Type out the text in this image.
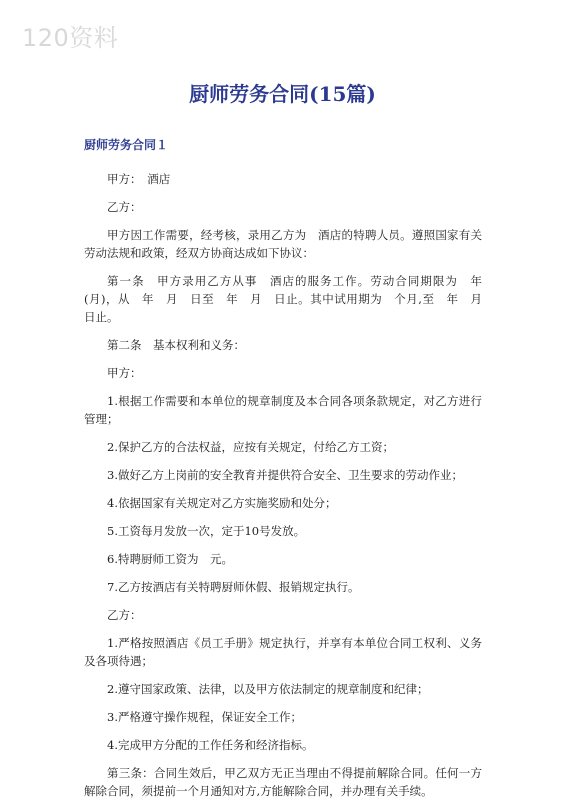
120资料
厨师劳务合同(15篇)
厨师劳务合同１

甲方：　酒店

乙方：

甲方因工作需要，经考核，录用乙方为　酒店的特聘人员。遵照国家有关劳动法规和政策，经双方协商达成如下协议：

第一条　甲方录用乙方从事　酒店的服务工作。劳动合同期限为　年(月)，从　年　月　日至　年　月　日止。其中试用期为　个月,至　年　月　日止。

第二条　基本权利和义务：

甲方：

1.根据工作需要和本单位的规章制度及本合同各项条款规定，对乙方进行管理；

2.保护乙方的合法权益，应按有关规定，付给乙方工资；

3.做好乙方上岗前的安全教育并提供符合安全、卫生要求的劳动作业；

4.依据国家有关规定对乙方实施奖励和处分；

5.工资每月发放一次，定于10号发放。

6.特聘厨师工资为　元。

7.乙方按酒店有关特聘厨师休假、报销规定执行。

乙方：

1.严格按照酒店《员工手册》规定执行，并享有本单位合同工权利、义务及各项待遇；

2.遵守国家政策、法律，以及甲方依法制定的规章制度和纪律；

3.严格遵守操作规程，保证安全工作；

4.完成甲方分配的工作任务和经济指标。

第三条：合同生效后，甲乙双方无正当理由不得提前解除合同。任何一方解除合同，须提前一个月通知对方,方能解除合同，并办理有关手续。
